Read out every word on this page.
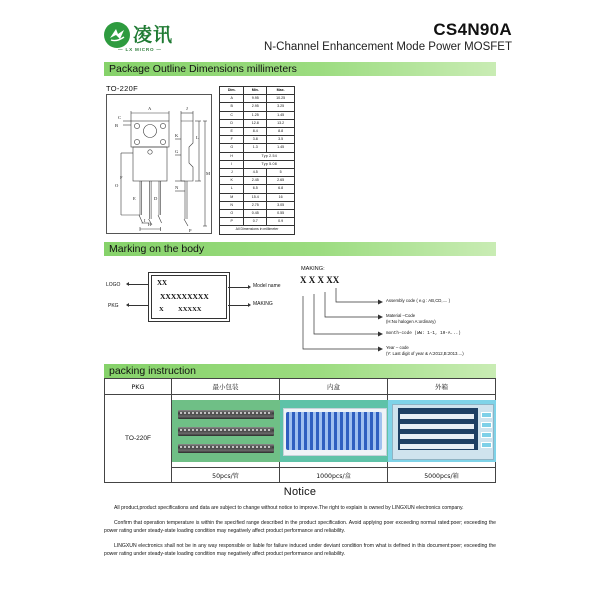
凌讯
— LX MICRO —
CS4N90A
N-Channel Enhancement Mode Power MOSFET
Package Outline Dimensions millimeters
TO-220F
A
C
B
O
H
I
E	D
F
J
L
M
K
G
N
P
Dim.	Min.	Max.
A	9.95	10.25
B	2.95	3.25
C	1.25	1.45
D	12.8	13.2
E	8.4	8.8
F	3.8	3.5
G	1.3	1.45
H	Typ 2.54	
I	Typ 5.08	
J	4.5	5
K	2.45	2.65
L	6.5	6.8
M	15.4	16
N	2.75	3.05
O	0.45	0.55
P	0.7	0.9
All Dimensions in millimeter		
Marking on the body
XX
XXXXXXXXX
X XXXXX
LOGO
PKG
Model name
MAKING
MAKING:
X X X XX
Assembly code ( e.g : AB,CD,.... )
Material –Code
(H:No halogen A:ordinary)
month–code (WW: 1-1, 10-A...)
Year – code
(Y: Last digit of year & A:2012,B:2013....)
packing instruction
PKG	最小包装	内盒	外箱
TO-220F	

	50pcs/管	1000pcs/盒	5000pcs/箱
Notice

All product,product specifications and data are subject to change without notice to improve.The right to explain is owned by LINGXUN electronics company.

Confirm that operation temperature is within the specified range described in the product specification. Avoid applying poer exceeding normal rated:poer; exceeding the power rating under steady-state loading condition may negatively affect product performance and reliability.

LINGXUN electronics shall not be in any way responsible or liable for failure induced under deviant condition from what is defined in this document:poer; exceeding the power rating under steady-state loading condition may negatively affect product performance and reliability.
